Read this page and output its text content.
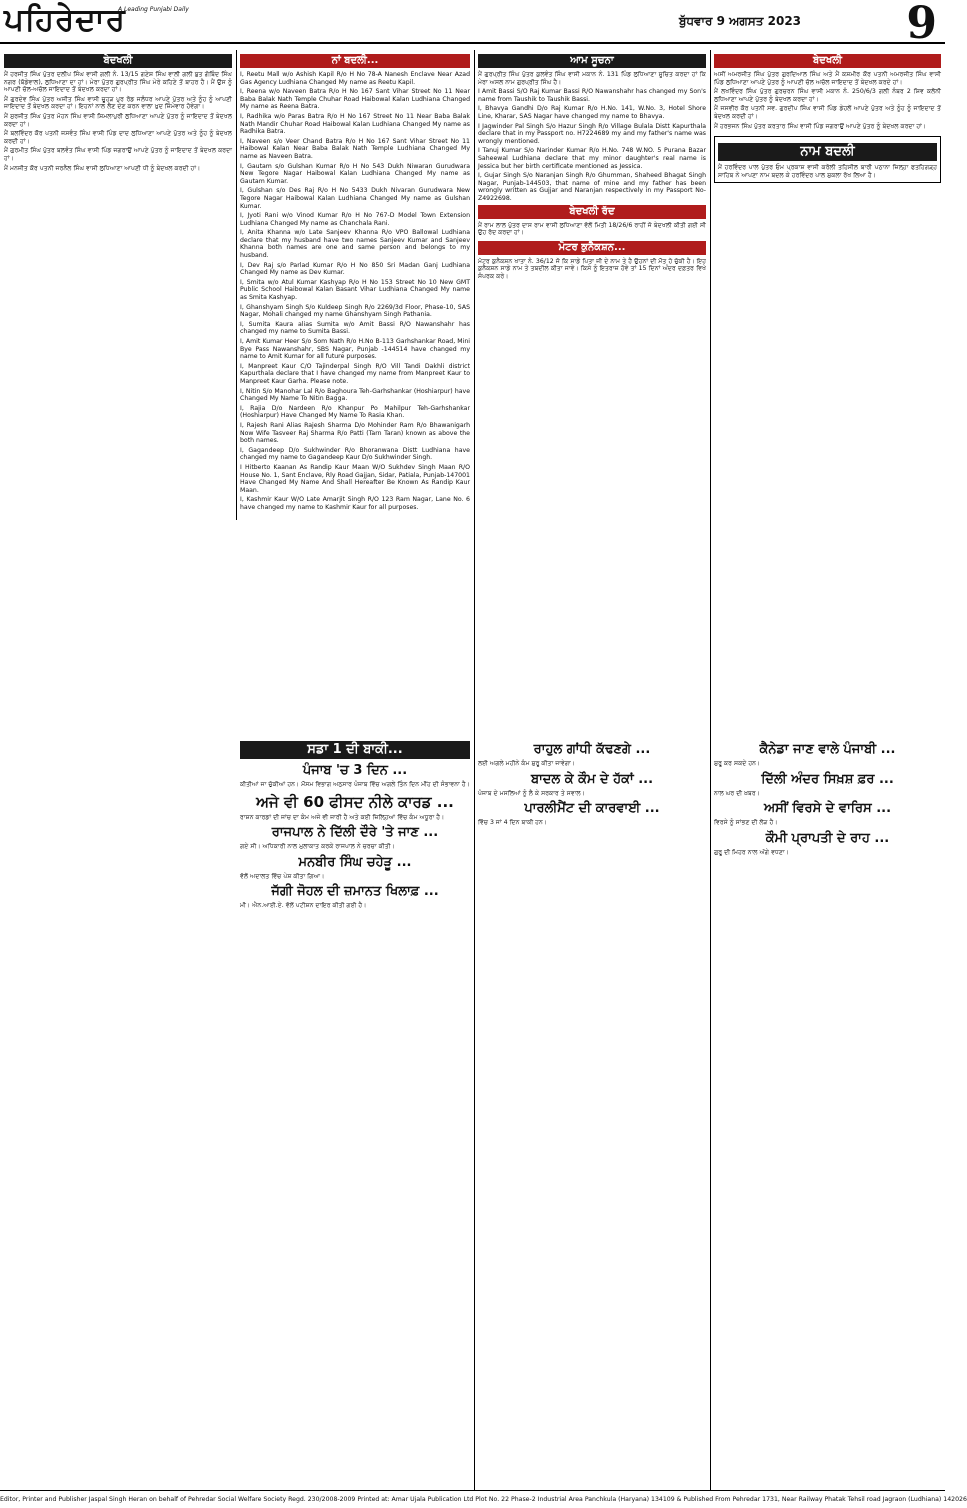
ਪਹਿਰੇਦਾਰ
A Leading Punjabi Daily
ਬੁੱਧਵਾਰ 9 ਅਗਸਤ 2023	9
ਬੇਦਖਲੀ

ਮੈਂ ਹਰਜੀਤ ਸਿੰਘ ਪੁੱਤਰ ਦਲੀਪ ਸਿੰਘ ਵਾਸੀ ਗਲੀ ਨੰ. 13/15 ਗਣੇਸ਼ ਸਿੰਘ ਵਾਲੀ ਗਲੀ ਬੁਤ ਗੋਬਿੰਦ ਸਿੰਘ ਨਗਰ (ਬੱਡੇਵਾਲ), ਲੁਧਿਆਣਾ ਦਾ ਹਾਂ। ਮੇਰਾ ਪੁੱਤਰ ਗੁਰਪ੍ਰੀਤ ਸਿੰਘ ਮੇਰੇ ਕਹਿਣੇ ਤੋਂ ਬਾਹਰ ਹੈ। ਮੈਂ ਉਸ ਨੂੰ ਆਪਣੀ ਚੱਲ-ਅਚੱਲ ਜਾਇਦਾਦ ਤੋਂ ਬੇਦਖਲ ਕਰਦਾ ਹਾਂ।

ਮੈਂ ਗੁਰਦੇਵ ਸਿੰਘ ਪੁੱਤਰ ਅਜੀਤ ਸਿੰਘ ਵਾਸੀ ਚੂਹੜ ਪੁਰ ਰੋਡ ਜਲੰਧਰ ਆਪਣੇ ਪੁੱਤਰ ਅਤੇ ਨੂੰਹ ਨੂੰ ਆਪਣੀ ਜਾਇਦਾਦ ਤੋਂ ਬੇਦਖਲ ਕਰਦਾ ਹਾਂ। ਇਹਨਾਂ ਨਾਲ ਲੈਣ ਦੇਣ ਕਰਨ ਵਾਲਾ ਖ਼ੁਦ ਜ਼ਿੰਮੇਵਾਰ ਹੋਵੇਗਾ।

ਮੈਂ ਸੁਰਜੀਤ ਸਿੰਘ ਪੁੱਤਰ ਮੋਹਨ ਸਿੰਘ ਵਾਸੀ ਸ਼ਿਮਲਾਪੁਰੀ ਲੁਧਿਆਣਾ ਆਪਣੇ ਪੁੱਤਰ ਨੂੰ ਜਾਇਦਾਦ ਤੋਂ ਬੇਦਖਲ ਕਰਦਾ ਹਾਂ।

ਮੈਂ ਬਲਵਿੰਦਰ ਕੌਰ ਪਤਨੀ ਜਸਵੰਤ ਸਿੰਘ ਵਾਸੀ ਪਿੰਡ ਦਾਦ ਲੁਧਿਆਣਾ ਆਪਣੇ ਪੁੱਤਰ ਅਤੇ ਨੂੰਹ ਨੂੰ ਬੇਦਖਲ ਕਰਦੀ ਹਾਂ।

ਮੈਂ ਗੁਰਮੀਤ ਸਿੰਘ ਪੁੱਤਰ ਬਲਵੰਤ ਸਿੰਘ ਵਾਸੀ ਪਿੰਡ ਜਗਰਾਉਂ ਆਪਣੇ ਪੁੱਤਰ ਨੂੰ ਜਾਇਦਾਦ ਤੋਂ ਬੇਦਖਲ ਕਰਦਾ ਹਾਂ।

ਮੈਂ ਮਨਜੀਤ ਕੌਰ ਪਤਨੀ ਜਰਨੈਲ ਸਿੰਘ ਵਾਸੀ ਲੁਧਿਆਣਾ ਆਪਣੀ ਧੀ ਨੂੰ ਬੇਦਖਲ ਕਰਦੀ ਹਾਂ।

ਨਾਂ ਬਦਲੀ...

I, Reetu Mall w/o Ashish Kapil R/o H No 78-A Nanesh Enclave Near Azad Gas Agency Ludhiana Changed My name as Reetu Kapil.

I, Reena w/o Naveen Batra R/o H No 167 Sant Vihar Street No 11 Near Baba Balak Nath Temple Chuhar Road Haibowal Kalan Ludhiana Changed My name as Reena Batra.

I, Radhika w/o Paras Batra R/o H No 167 Street No 11 Near Baba Balak Nath Mandir Chuhar Road Haibowal Kalan Ludhiana Changed My name as Radhika Batra.

I, Naveen s/o Veer Chand Batra R/o H No 167 Sant Vihar Street No 11 Haibowal Kalan Near Baba Balak Nath Temple Ludhiana Changed My name as Naveen Batra.

I, Gautam s/o Gulshan Kumar R/o H No 543 Dukh Niwaran Gurudwara New Tegore Nagar Haibowal Kalan Ludhiana Changed My name as Gautam Kumar.

I, Gulshan s/o Des Raj R/o H No 5433 Dukh Nivaran Gurudwara New Tegore Nagar Haibowal Kalan Ludhiana Changed My name as Gulshan Kumar.

I, Jyoti Rani w/o Vinod Kumar R/o H No 767-D Model Town Extension Ludhiana Changed My name as Chanchala Rani.

I, Anita Khanna w/o Late Sanjeev Khanna R/o VPO Ballowal Ludhiana declare that my husband have two names Sanjeev Kumar and Sanjeev Khanna both names are one and same person and belongs to my husband.

I, Dev Raj s/o Parlad Kumar R/o H No 850 Sri Madan Ganj Ludhiana Changed My name as Dev Kumar.

I, Smita w/o Atul Kumar Kashyap R/o H No 153 Street No 10 New GMT Public School Haibowal Kalan Basant Vihar Ludhiana Changed My name as Smita Kashyap.

I, Ghanshyam Singh S/o Kuldeep Singh R/o 2269/3d Floor, Phase-10, SAS Nagar, Mohali changed my name Ghanshyam Singh Pathania.

I, Sumita Kaura alias Sumita w/o Amit Bassi R/O Nawanshahr has changed my name to Sumita Bassi.

I, Amit Kumar Heer S/o Som Nath R/o H.No B-113 Garhshankar Road, Mini Bye Pass Nawanshahr, SBS Nagar, Punjab -144514 have changed my name to Amit Kumar for all future purposes.

I, Manpreet Kaur C/O Tajinderpal Singh R/O Vill Tandi Dakhli district Kapurthala declare that I have changed my name from Manpreet Kaur to Manpreet Kaur Garha. Please note.

I, Nitin S/o Manohar Lal R/o Baghoura Teh-Garhshankar (Hoshiarpur) have Changed My Name To Nitin Bagga.

I, Rajia D/o Nardeen R/o Khanpur Po Mahilpur Teh-Garhshankar (Hoshiarpur) Have Changed My Name To Rasia Khan.

I, Rajesh Rani Alias Rajesh Sharma D/o Mohinder Ram R/o Bhawanigarh Now Wife Tasveer Raj Sharma R/o Patti (Tarn Taran) known as above the both names.

I, Gagandeep D/o Sukhwinder R/o Bhoranwana Distt Ludhiana have changed my name to Gagandeep Kaur D/o Sukhwinder Singh.

I Hitberto Kaanan As Randip Kaur Maan W/O Sukhdev Singh Maan R/O House No. 1, Sant Enclave, Rly Road Gajjan, Sidar, Patiala, Punjab-147001 Have Changed My Name And Shall Hereafter Be Known As Randip Kaur Maan.

I, Kashmir Kaur W/O Late Amarjit Singh R/O 123 Ram Nagar, Lane No. 6 have changed my name to Kashmir Kaur for all purposes.

ਆਮ ਸੂਚਨਾ

ਮੈਂ ਗੁਰਪ੍ਰੀਤ ਸਿੰਘ ਪੁੱਤਰ ਕੁਲਵੰਤ ਸਿੰਘ ਵਾਸੀ ਮਕਾਨ ਨੰ. 131 ਪਿੰਡ ਲੁਧਿਆਣਾ ਸੂਚਿਤ ਕਰਦਾ ਹਾਂ ਕਿ ਮੇਰਾ ਅਸਲ ਨਾਮ ਗੁਰਪ੍ਰੀਤ ਸਿੰਘ ਹੈ।

I Amit Bassi S/O Raj Kumar Bassi R/O Nawanshahr has changed my Son's name from Taushik to Taushik Bassi.

I, Bhavya Gandhi D/o Raj Kumar R/o H.No. 141, W.No. 3, Hotel Shore Line, Kharar, SAS Nagar have changed my name to Bhavya.

I Jagwinder Pal Singh S/o Hazur Singh R/o Village Bulala Distt Kapurthala declare that in my Passport no. H7224689 my and my father's name was wrongly mentioned.

I Tanuj Kumar S/o Narinder Kumar R/o H.No. 748 W.NO. 5 Purana Bazar Saheewal Ludhiana declare that my minor daughter's real name is Jessica but her birth certificate mentioned as Jessica.

I, Gujar Singh S/o Naranjan Singh R/o Ghumman, Shaheed Bhagat Singh Nagar, Punjab-144503, that name of mine and my father has been wrongly written as Gujjar and Naranjan respectively in my Passport No-Z4922698.

ਬੇਦਖਲੀ ਰੱਦ
ਮੈਂ ਰਾਮ ਲਾਲ ਪੁੱਤਰ ਦਾਸ ਰਾਮ ਵਾਸੀ ਲੁਧਿਆਣਾ ਵੱਲੋਂ ਮਿਤੀ 18/26/6 ਰਾਹੀਂ ਜੋ ਬੇਦਖਲੀ ਕੀਤੀ ਗਈ ਸੀ ਉਹ ਰੱਦ ਕਰਦਾ ਹਾਂ।
ਮੋਟਰ ਕੁਨੈਕਸ਼ਨ...
ਮੋਟਰ ਕੁਨੈਕਸ਼ਨ ਖਾਤਾ ਨੰ. 36/12 ਜੋ ਕਿ ਸਾਡੇ ਪਿਤਾ ਜੀ ਦੇ ਨਾਮ ਤੇ ਹੈ ਉਹਨਾਂ ਦੀ ਮੌਤ ਹੋ ਚੁੱਕੀ ਹੈ। ਇਹ ਕੁਨੈਕਸ਼ਨ ਸਾਡੇ ਨਾਮ ਤੇ ਤਬਦੀਲ ਕੀਤਾ ਜਾਵੇ। ਕਿਸੇ ਨੂੰ ਇਤਰਾਜ਼ ਹੋਵੇ ਤਾਂ 15 ਦਿਨਾਂ ਅੰਦਰ ਦਫ਼ਤਰ ਵਿਖੇ ਸੰਪਰਕ ਕਰੇ।
ਬੇਦਖਲੀ

ਅਸੀਂ ਅਮਰਜੀਤ ਸਿੰਘ ਪੁੱਤਰ ਗੁਰਦਿਆਲ ਸਿੰਘ ਅਤੇ ਮੈਂ ਕਸ਼ਮੀਰ ਕੌਰ ਪਤਨੀ ਅਮਰਜੀਤ ਸਿੰਘ ਵਾਸੀ ਪਿੰਡ ਲੁਧਿਆਣਾ ਆਪਣੇ ਪੁੱਤਰ ਨੂੰ ਆਪਣੀ ਚੱਲ ਅਚੱਲ ਜਾਇਦਾਦ ਤੋਂ ਬੇਦਖਲ ਕਰਦੇ ਹਾਂ।

ਮੈਂ ਲਖਵਿੰਦਰ ਸਿੰਘ ਪੁੱਤਰ ਗੁਰਚਰਨ ਸਿੰਘ ਵਾਸੀ ਮਕਾਨ ਨੰ. 250/6/3 ਗਲੀ ਨੰਬਰ 2 ਸ਼ਿਵ ਕਲੋਨੀ ਲੁਧਿਆਣਾ ਆਪਣੇ ਪੁੱਤਰ ਨੂੰ ਬੇਦਖਲ ਕਰਦਾ ਹਾਂ।

ਮੈਂ ਜਸਵੀਰ ਕੌਰ ਪਤਨੀ ਸਵ. ਗੁਰਦੀਪ ਸਿੰਘ ਵਾਸੀ ਪਿੰਡ ਡੇਹਲੋਂ ਆਪਣੇ ਪੁੱਤਰ ਅਤੇ ਨੂੰਹ ਨੂੰ ਜਾਇਦਾਦ ਤੋਂ ਬੇਦਖਲ ਕਰਦੀ ਹਾਂ।

ਮੈਂ ਹਰਭਜਨ ਸਿੰਘ ਪੁੱਤਰ ਕਰਤਾਰ ਸਿੰਘ ਵਾਸੀ ਪਿੰਡ ਜਗਰਾਉਂ ਆਪਣੇ ਪੁੱਤਰ ਨੂੰ ਬੇਦਖਲ ਕਰਦਾ ਹਾਂ।

ਨਾਮ ਬਦਲੀ
ਮੈਂ ਹਰਵਿੰਦਰ ਪਾਲ ਪੁੱਤਰ ਓਮ ਪ੍ਰਕਾਸ਼ ਵਾਸੀ ਕਰੋਲੀ ਤਹਿਸੀਲ ਬਾਰੀ ਪਠਾਨਾ ਜ਼ਿਲ੍ਹਾ ਫਤਹਿਗੜ੍ਹ ਸਾਹਿਬ ਨੇ ਆਪਣਾ ਨਾਮ ਬਦਲ ਕੇ ਹਰਵਿੰਦਰ ਪਾਲ ਸ਼ੁਕਲਾ ਰੱਖ ਲਿਆ ਹੈ।
ਸਡਾ 1 ਦੀ ਬਾਕੀ...
ਪੰਜਾਬ 'ਚ 3 ਦਿਨ ...
ਕੀਤੀਆਂ ਜਾ ਚੁੱਕੀਆਂ ਹਨ। ਮੌਸਮ ਵਿਭਾਗ ਅਨੁਸਾਰ ਪੰਜਾਬ ਵਿੱਚ ਅਗਲੇ ਤਿੰਨ ਦਿਨ ਮੀਂਹ ਦੀ ਸੰਭਾਵਨਾ ਹੈ।
ਅਜੇ ਵੀ 60 ਫੀਸਦ ਨੀਲੇ ਕਾਰਡ ...
ਰਾਸ਼ਨ ਕਾਰਡਾਂ ਦੀ ਜਾਂਚ ਦਾ ਕੰਮ ਅਜੇ ਵੀ ਜਾਰੀ ਹੈ ਅਤੇ ਕਈ ਜ਼ਿਲ੍ਹਿਆਂ ਵਿੱਚ ਕੰਮ ਅਧੂਰਾ ਹੈ।
ਰਾਜਪਾਲ ਨੇ ਦਿੱਲੀ ਦੌਰੇ 'ਤੇ ਜਾਣ ...
ਗਏ ਸੀ। ਅਧਿਕਾਰੀ ਨਾਲ ਮੁਲਾਕਾਤ ਕਰਕੇ ਰਾਜਪਾਲ ਨੇ ਚਰਚਾ ਕੀਤੀ।
ਮਨਬੀਰ ਸਿੰਘ ਚਹੇੜੂ ...
ਵੱਲੋਂ ਅਦਾਲਤ ਵਿੱਚ ਪੇਸ਼ ਕੀਤਾ ਗਿਆ।
ਜੱਗੀ ਜੋਹਲ ਦੀ ਜ਼ਮਾਨਤ ਖਿਲਾਫ਼ ...
ਮੀ। ਐਨ.ਆਈ.ਏ. ਵੱਲੋਂ ਪਟੀਸ਼ਨ ਦਾਇਰ ਕੀਤੀ ਗਈ ਹੈ।
ਰਾਹੁਲ ਗਾਂਧੀ ਕੱਢਣਗੇ ...
ਲਈ ਅਗਲੇ ਮਹੀਨੇ ਕੰਮ ਸ਼ੁਰੂ ਕੀਤਾ ਜਾਵੇਗਾ।
ਬਾਦਲ ਕੇ ਕੌਮ ਦੇ ਹੱਕਾਂ ...
ਪੰਜਾਬ ਦੇ ਮਸਲਿਆਂ ਨੂੰ ਲੈ ਕੇ ਸਰਕਾਰ ਤੇ ਸਵਾਲ।
ਪਾਰਲੀਮੈਂਟ ਦੀ ਕਾਰਵਾਈ ...
ਵਿੱਚ 3 ਜਾਂ 4 ਦਿਨ ਬਾਕੀ ਹਨ।
ਕੈਨੇਡਾ ਜਾਣ ਵਾਲੇ ਪੰਜਾਬੀ ...
ਸ਼ੁਰੂ ਕਰ ਸਕਦੇ ਹਨ।
ਦਿੱਲੀ ਅੰਦਰ ਸਿਖ਼ਸ਼ ਫ਼ਰ ...
ਨਾਲ ਘਰ ਦੀ ਖ਼ਬਰ।
ਅਸੀਂ ਵਿਰਸੇ ਦੇ ਵਾਰਿਸ ...
ਵਿਰਸੇ ਨੂੰ ਸਾਂਭਣ ਦੀ ਲੋੜ ਹੈ।
ਕੌਮੀ ਪ੍ਰਾਪਤੀ ਦੇ ਰਾਹ ...
ਗੁਰੂ ਦੀ ਮਿਹਰ ਨਾਲ ਅੱਗੇ ਵਧਣਾ।
Editor, Printer and Publisher Jaspal Singh Heran on behalf of Pehredar Social Welfare Society Regd. 230/2008-2009 Printed at: Amar Ujala Publication Ltd Plot No. 22 Phase-2 Industrial Area Panchkula (Haryana) 134109 & Published From Pehredar 1731, Near Railway Phatak Tehsil road Jagraon (Ludhiana) 142026
